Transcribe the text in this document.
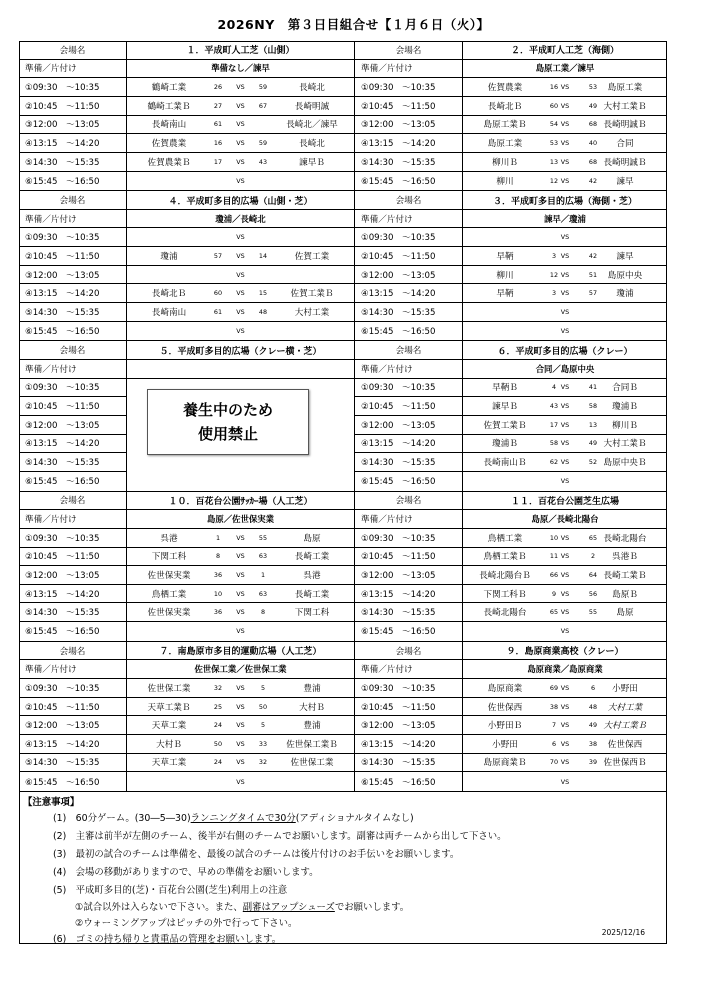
2026NY　第３日目組合せ【１月６日（火）】
会場名	１．平成町人工芝（山側）
準備／片付け	準備なし／諫早
①09:30　～10:35	鶴崎工業	26	VS	59	長崎北
②10:45　～11:50	鶴崎工業Ｂ	27	VS	67	長崎明誠
③12:00　～13:05	長崎南山	61	VS	長崎北／諫早
④13:15　～14:20	佐賀農業	16	VS	59	長崎北
⑤14:30　～15:35	佐賀農業Ｂ	17	VS	43	諫早Ｂ
⑥15:45　～16:50	VS
会場名	２．平成町人工芝（海側）
準備／片付け	島原工業／諫早
①09:30　～10:35	佐賀農業	16 VS	53	島原工業
②10:45　～11:50	長崎北Ｂ	60 VS	49 大村工業Ｂ
③12:00　～13:05	島原工業Ｂ	54 VS	68 長崎明誠Ｂ
④13:15　～14:20	島原工業	53 VS	40	合同
⑤14:30　～15:35	柳川Ｂ	13 VS	68 長崎明誠Ｂ
⑥15:45　～16:50	柳川	12 VS	42	諫早
会場名	４．平成町多目的広場（山側・芝）
準備／片付け	瓊浦／長崎北
①09:30　～10:35	VS
②10:45　～11:50	瓊浦	57	VS	14	佐賀工業
③12:00　～13:05	VS
④13:15　～14:20	長崎北Ｂ	60	VS	15	佐賀工業Ｂ
⑤14:30　～15:35	長崎南山	61	VS	48	大村工業
⑥15:45　～16:50	VS
会場名	３．平成町多目的広場（海側・芝）
準備／片付け	諫早／瓊浦
①09:30　～10:35	VS
②10:45　～11:50	早鞆	3 VS	42	諫早
③12:00　～13:05	柳川	12 VS	51	島原中央
④13:15　～14:20	早鞆	3 VS	57	瓊浦
⑤14:30　～15:35	VS
⑥15:45　～16:50	VS
会場名	５．平成町多目的広場（クレー横・芝）
準備／片付け
①09:30　～10:35
②10:45　～11:50
③12:00　～13:05
④13:15　～14:20
⑤14:30　～15:35
⑥15:45　～16:50
養生中のため
使用禁止
会場名	６．平成町多目的広場（クレー）
準備／片付け	合同／島原中央
①09:30　～10:35	早鞆Ｂ	4 VS	41	合同Ｂ
②10:45　～11:50	諫早Ｂ	43 VS	58	瓊浦Ｂ
③12:00　～13:05	佐賀工業Ｂ	17 VS	13	柳川Ｂ
④13:15　～14:20	瓊浦Ｂ	58 VS	49 大村工業Ｂ
⑤14:30　～15:35	長崎南山Ｂ	62 VS	52 島原中央Ｂ
⑥15:45　～16:50	VS
会場名	１０．百花台公園ｻｯｶｰ場（人工芝）
準備／片付け	島原／佐世保実業
①09:30　～10:35	呉港	1	VS	55	島原
②10:45　～11:50	下関工科	8	VS	63	長崎工業
③12:00　～13:05	佐世保実業	36	VS	1	呉港
④13:15　～14:20	鳥栖工業	10	VS	63	長崎工業
⑤14:30　～15:35	佐世保実業	36	VS	8	下関工科
⑥15:45　～16:50	VS
会場名	１１．百花台公園芝生広場
準備／片付け	島原／長崎北陽台
①09:30　～10:35	鳥栖工業	10 VS	65 長崎北陽台
②10:45　～11:50	鳥栖工業Ｂ	11 VS	2	呉港Ｂ
③12:00　～13:05	長崎北陽台Ｂ	66 VS	64 長崎工業Ｂ
④13:15　～14:20	下関工科Ｂ	9 VS	56	島原Ｂ
⑤14:30　～15:35	長崎北陽台	65 VS	55	島原
⑥15:45　～16:50	VS
会場名	７．南島原市多目的運動広場（人工芝）
準備／片付け	佐世保工業／佐世保工業
①09:30　～10:35	佐世保工業	32	VS	5	豊浦
②10:45　～11:50	天草工業Ｂ	25	VS	50	大村Ｂ
③12:00　～13:05	天草工業	24	VS	5	豊浦
④13:15　～14:20	大村Ｂ	50	VS	33	佐世保工業Ｂ
⑤14:30　～15:35	天草工業	24	VS	32	佐世保工業
⑥15:45　～16:50	VS
会場名	９．島原商業高校（クレー）
準備／片付け	島原商業／島原商業
①09:30　～10:35	島原商業	69 VS	6	小野田
②10:45　～11:50	佐世保西	38 VS	48	大村工業
③12:00　～13:05	小野田Ｂ	7 VS	49 大村工業Ｂ
④13:15　～14:20	小野田	6 VS	38	佐世保西
⑤14:30　～15:35	島原商業Ｂ	70 VS	39 佐世保西Ｂ
⑥15:45　～16:50	VS
【注意事項】
(1)　60分ゲーム。(30―5―30)ランニングタイムで30分(アディショナルタイムなし)
(2)　主審は前半が左側のチーム、後半が右側のチームでお願いします。副審は両チームから出して下さい。
(3)　最初の試合のチームは準備を、最後の試合のチームは後片付けのお手伝いをお願いします。
(4)　会場の移動がありますので、早めの準備をお願いします。
(5)　平成町多目的(芝)・百花台公園(芝生)利用上の注意
①試合以外は入らないで下さい。また、副審はアップシューズでお願いします。
②ウォーミングアップはピッチの外で行って下さい。
(6)　ゴミの持ち帰りと貴重品の管理をお願いします。
2025/12/16
